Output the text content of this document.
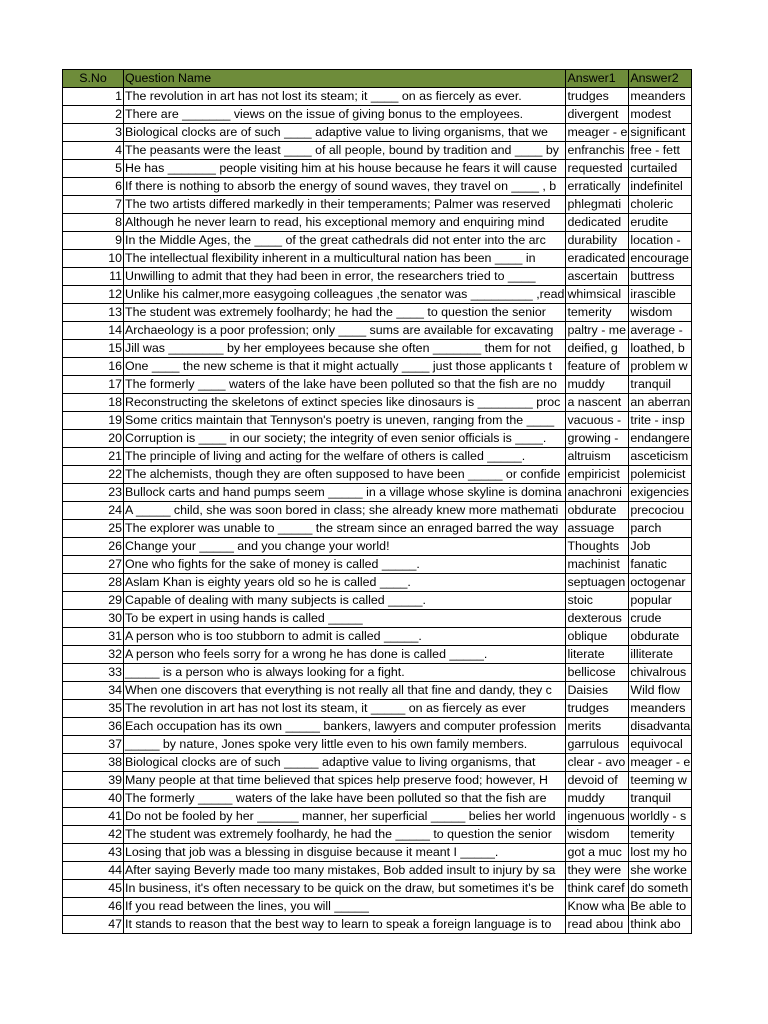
S.No	Question Name	Answer1	Answer2
1	The revolution in art has not lost its steam; it ____ on as fiercely as ever.	trudges	meanders
2	There are _______ views on the issue of giving bonus to the employees.	divergent	modest
3	Biological clocks are of such ____ adaptive value to living organisms, that we	meager - e	significant
4	The peasants were the least ____ of all people, bound by tradition and ____ by	enfranchis	free - fett
5	He has _______ people visiting him at his house because he fears it will cause	requested	curtailed
6	If there is nothing to absorb the energy of sound waves, they travel on ____ , b	erratically	indefinitel
7	The two artists differed markedly in their temperaments; Palmer was reserved	phlegmati	choleric
8	Although he never learn to read, his exceptional memory and enquiring mind	dedicated	erudite
9	In the Middle Ages, the ____ of the great cathedrals did not enter into the arc	durability	location -
10	The intellectual flexibility inherent in a multicultural nation has been ____ in	eradicated	encourage
11	Unwilling to admit that they had been in error, the researchers tried to ____	ascertain	buttress
12	Unlike his calmer,more easygoing colleagues ,the senator was _________ ,read	whimsical	irascible
13	The student was extremely foolhardy; he had the ____ to question the senior	temerity	wisdom
14	Archaeology is a poor profession; only ____ sums are available for excavating	paltry - me	average -
15	Jill was ________ by her employees because she often _______ them for not	deified, g	loathed, b
16	One ____ the new scheme is that it might actually ____ just those applicants t	feature of	problem w
17	The formerly ____ waters of the lake have been polluted so that the fish are no	muddy	tranquil
18	Reconstructing the skeletons of extinct species like dinosaurs is ________ proc	a nascent	an aberran
19	Some critics maintain that Tennyson's poetry is uneven, ranging from the ____	vacuous -	trite - insp
20	Corruption is ____ in our society; the integrity of even senior officials is ____.	growing -	endangere
21	The principle of living and acting for the welfare of others is called _____.	altruism	asceticism
22	The alchemists, though they are often supposed to have been _____ or confide	empiricist	polemicist
23	Bullock carts and hand pumps seem _____ in a village whose skyline is domina	anachroni	exigencies
24	A _____ child, she was soon bored in class; she already knew more mathemati	obdurate	precociou
25	The explorer was unable to _____ the stream since an enraged barred the way	assuage	parch
26	Change your _____ and you change your world!	Thoughts	Job
27	One who fights for the sake of money is called _____.	machinist	fanatic
28	Aslam Khan is eighty years old so he is called ____.	septuagen	octogenar
29	Capable of dealing with many subjects is called _____.	stoic	popular
30	To be expert in using hands is called _____	dexterous	crude
31	A person who is too stubborn to admit is called _____.	oblique	obdurate
32	A person who feels sorry for a wrong he has done is called _____.	literate	illiterate
33	_____ is a person who is always looking for a fight.	bellicose	chivalrous
34	When one discovers that everything is not really all that fine and dandy, they c	Daisies	Wild flow
35	The revolution in art has not lost its steam, it _____ on as fiercely as ever	trudges	meanders
36	Each occupation has its own _____ bankers, lawyers and computer profession	merits	disadvanta
37	_____ by nature, Jones spoke very little even to his own family members.	garrulous	equivocal
38	Biological clocks are of such _____ adaptive value to living organisms, that	clear - avo	meager - e
39	Many people at that time believed that spices help preserve food; however, H	devoid of	teeming w
40	The formerly _____ waters of the lake have been polluted so that the fish are	muddy	tranquil
41	Do not be fooled by her ______ manner, her superficial _____ belies her world	ingenuous	worldly - s
42	The student was extremely foolhardy, he had the _____ to question the senior	wisdom	temerity
43	Losing that job was a blessing in disguise because it meant I _____.	got a muc	lost my ho
44	After saying Beverly made too many mistakes, Bob added insult to injury by sa	they were	she worke
45	In business, it's often necessary to be quick on the draw, but sometimes it's be	think caref	do someth
46	If you read between the lines, you will _____	Know wha	Be able to
47	It stands to reason that the best way to learn to speak a foreign language is to	read abou	think abo
